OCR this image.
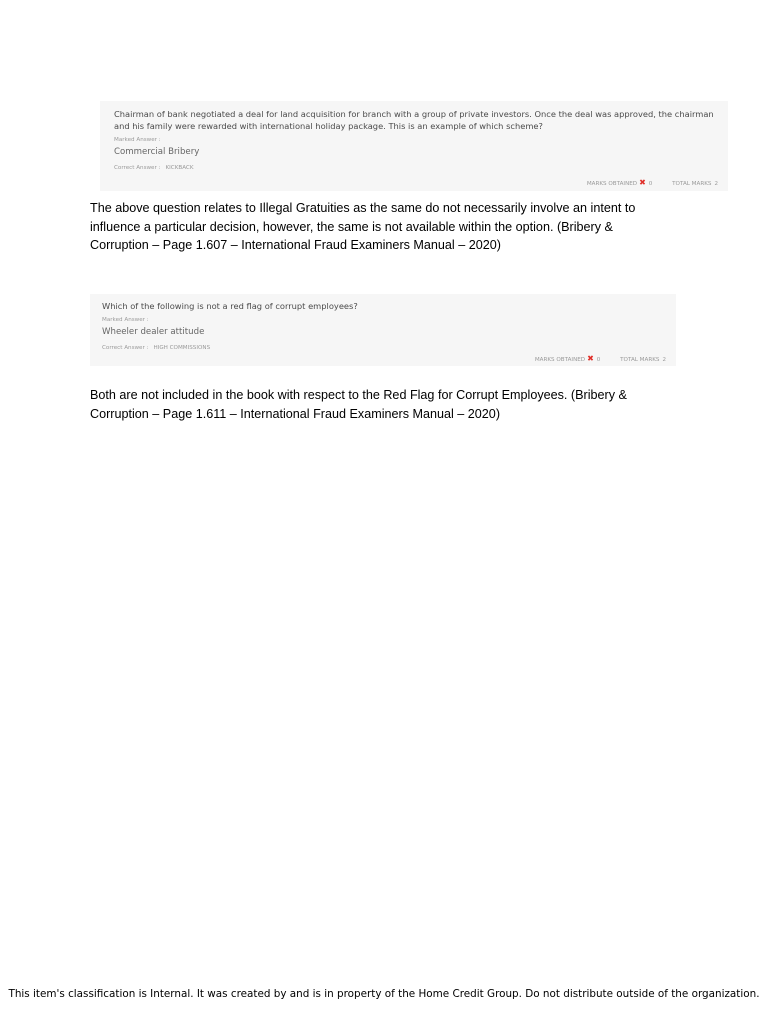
Chairman of bank negotiated a deal for land acquisition for branch with a group of private investors. Once the deal was approved, the chairman and his family were rewarded with international holiday package. This is an example of which scheme?
Marked Answer :
Commercial Bribery
Correct Answer : KICKBACK
MARKS OBTAINED ✖ 0	TOTAL MARKS 2
The above question relates to Illegal Gratuities as the same do not necessarily involve an intent to influence a particular decision, however, the same is not available within the option. (Bribery & Corruption – Page 1.607 – International Fraud Examiners Manual – 2020)
Which of the following is not a red flag of corrupt employees?
Marked Answer :
Wheeler dealer attitude
Correct Answer : HIGH COMMISSIONS
MARKS OBTAINED ✖ 0	TOTAL MARKS 2
Both are not included in the book with respect to the Red Flag for Corrupt Employees. (Bribery & Corruption – Page 1.611 – International Fraud Examiners Manual – 2020)
This item's classification is Internal. It was created by and is in property of the Home Credit Group. Do not distribute outside of the organization.
